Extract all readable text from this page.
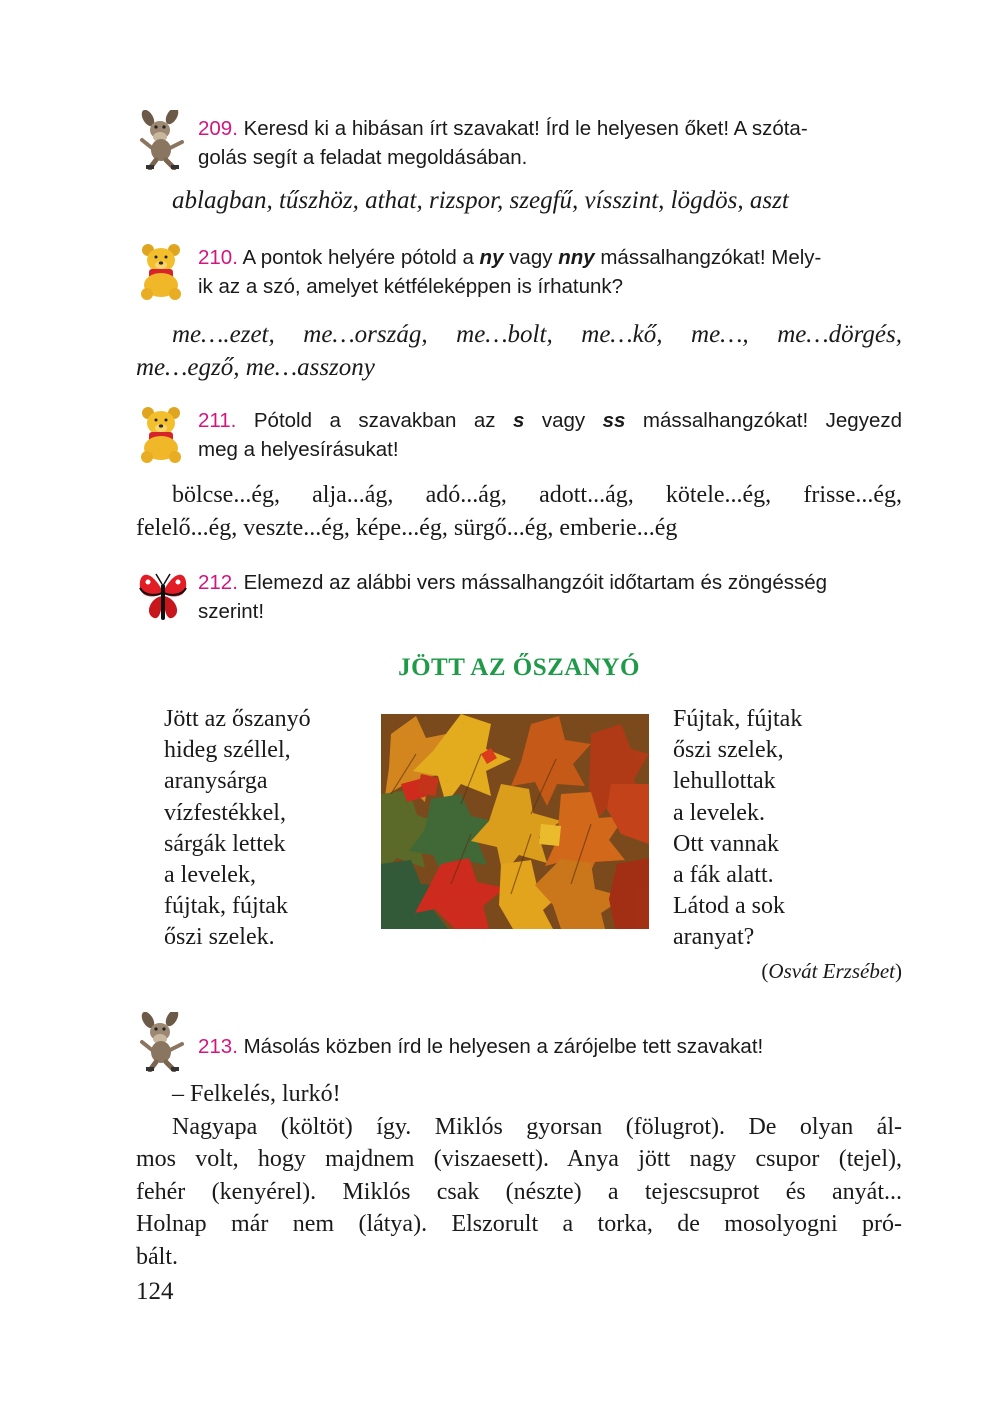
209. Keresd ki a hibásan írt szavakat! Írd le helyesen őket! A szóta-
golás segít a feladat megoldásában.

ablagban, tűszhöz, athat, rizspor, szegfű, vísszint, lögdös, aszt

210. A pontok helyére pótold a ny vagy nny mássalhangzókat! Mely-
ik az a szó, amelyet kétféleképpen is írhatunk?

me….ezet, me…ország, me…bolt, me…kő, me…, me…dörgés,

me…egző, me…asszony

211. Pótold a szavakban az s vagy ss mássalhangzókat! Jegyezd
meg a helyesírásukat!

bölcse...ég, alja...ág, adó...ág, adott...ág, kötele...ég, frisse...ég,

felelő...ég, veszte...ég, képe...ég, sürgő...ég, emberie...ég

212. Elemezd az alábbi vers mássalhangzóit időtartam és zöngésség
szerint!
JÖTT AZ ŐSZANYÓ
Jött az őszanyó
hideg széllel,
aranysárga
vízfestékkel,
sárgák lettek
a levelek,
fújtak, fújtak
őszi szelek.
Fújtak, fújtak
őszi szelek,
lehullottak
a levelek.
Ott vannak
a fák alatt.
Látod a sok
aranyat?
(Osvát Erzsébet)
213. Másolás közben írd le helyesen a zárójelbe tett szavakat!

– Felkelés, lurkó!

Nagyapa (költöt) így. Miklós gyorsan (fölugrot). De olyan ál-

mos volt, hogy majdnem (viszaesett). Anya jött nagy csupor (tejel),

fehér (kenyérel). Miklós csak (nészte) a tejescsuprot és anyát...

Holnap már nem (látya). Elszorult a torka, de mosolyogni pró-

bált.

124
